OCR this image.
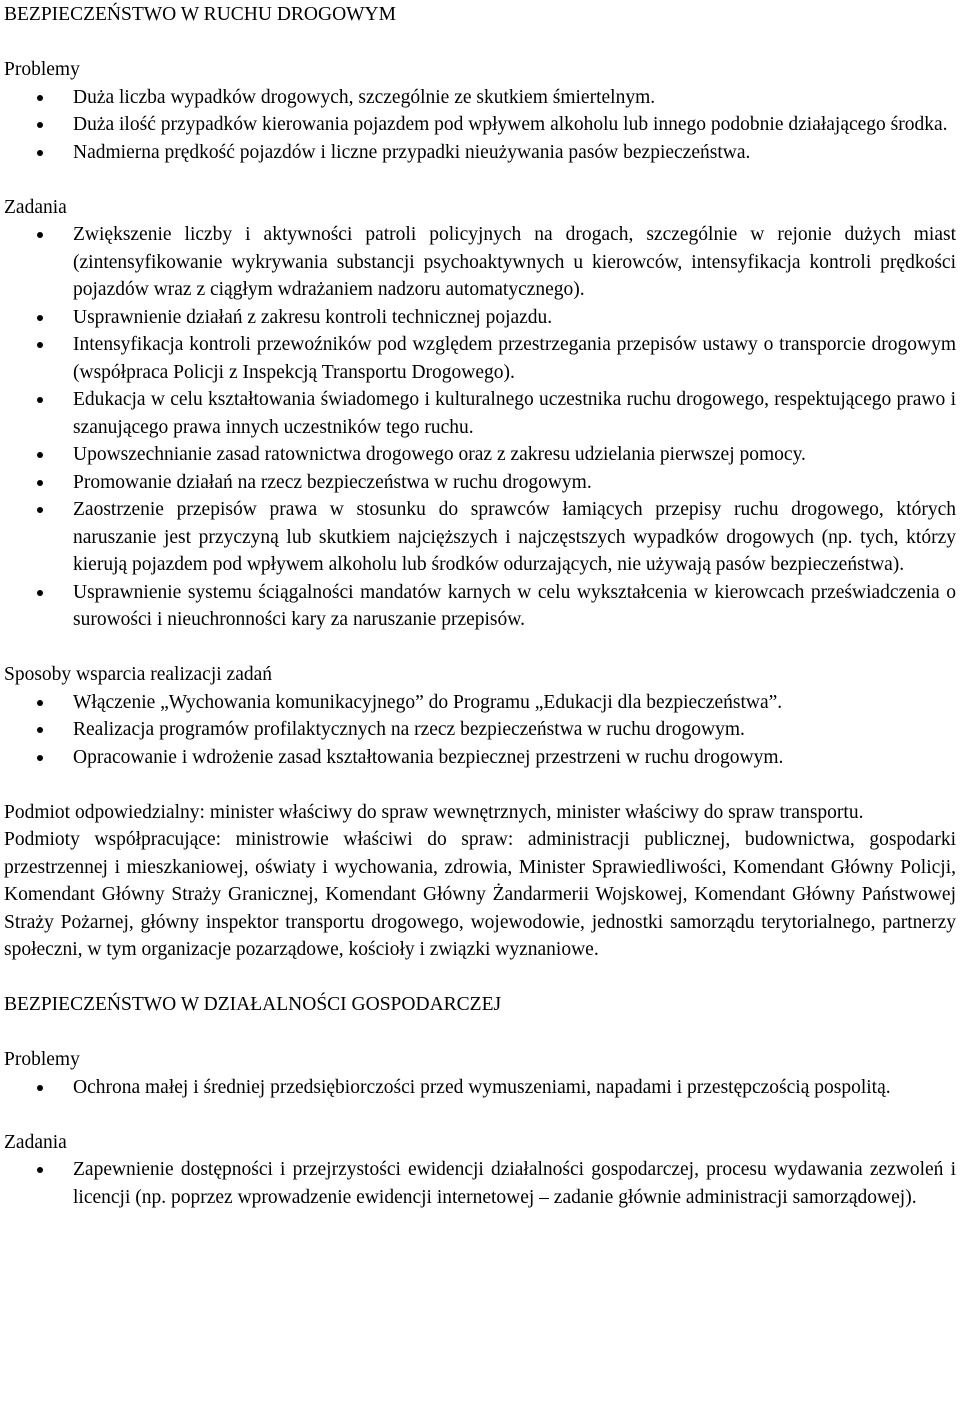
BEZPIECZEŃSTWO W RUCHU DROGOWYM

Problemy

Duża liczba wypadków drogowych, szczególnie ze skutkiem śmiertelnym.
Duża ilość przypadków kierowania pojazdem pod wpływem alkoholu lub innego podobnie działającego środka.
Nadmierna prędkość pojazdów i liczne przypadki nieużywania pasów bezpieczeństwa.

Zadania

Zwiększenie liczby i aktywności patroli policyjnych na drogach, szczególnie w rejonie dużych miast (zintensyfikowanie wykrywania substancji psychoaktywnych u kierowców, intensyfikacja kontroli prędkości pojazdów wraz z ciągłym wdrażaniem nadzoru automatycznego).
Usprawnienie działań z zakresu kontroli technicznej pojazdu.
Intensyfikacja kontroli przewoźników pod względem przestrzegania przepisów ustawy o transporcie drogowym (współpraca Policji z Inspekcją Transportu Drogowego).
Edukacja w celu kształtowania świadomego i kulturalnego uczestnika ruchu drogowego, respektującego prawo i szanującego prawa innych uczestników tego ruchu.
Upowszechnianie zasad ratownictwa drogowego oraz z zakresu udzielania pierwszej pomocy.
Promowanie działań na rzecz bezpieczeństwa w ruchu drogowym.
Zaostrzenie przepisów prawa w stosunku do sprawców łamiących przepisy ruchu drogowego, których naruszanie jest przyczyną lub skutkiem najcięższych i najczęstszych wypadków drogowych (np. tych, którzy kierują pojazdem pod wpływem alkoholu lub środków odurzających, nie używają pasów bezpieczeństwa).
Usprawnienie systemu ściągalności mandatów karnych w celu wykształcenia w kierowcach przeświadczenia o surowości i nieuchronności kary za naruszanie przepisów.

Sposoby wsparcia realizacji zadań

Włączenie „Wychowania komunikacyjnego” do Programu „Edukacji dla bezpieczeństwa”.
Realizacja programów profilaktycznych na rzecz bezpieczeństwa w ruchu drogowym.
Opracowanie i wdrożenie zasad kształtowania bezpiecznej przestrzeni w ruchu drogowym.

Podmiot odpowiedzialny: minister właściwy do spraw wewnętrznych, minister właściwy do spraw transportu.

Podmioty współpracujące: ministrowie właściwi do spraw: administracji publicznej, budownictwa, gospodarki przestrzennej i mieszkaniowej, oświaty i wychowania, zdrowia, Minister Sprawiedliwości, Komendant Główny Policji, Komendant Główny Straży Granicznej, Komendant Główny Żandarmerii Wojskowej, Komendant Główny Państwowej Straży Pożarnej, główny inspektor transportu drogowego, wojewodowie, jednostki samorządu terytorialnego, partnerzy społeczni, w tym organizacje pozarządowe, kościoły i związki wyznaniowe.

BEZPIECZEŃSTWO W DZIAŁALNOŚCI GOSPODARCZEJ

Problemy

Ochrona małej i średniej przedsiębiorczości przed wymuszeniami, napadami i przestępczością pospolitą.

Zadania

Zapewnienie dostępności i przejrzystości ewidencji działalności gospodarczej, procesu wydawania zezwoleń i licencji (np. poprzez wprowadzenie ewidencji internetowej – zadanie głównie administracji samorządowej).
